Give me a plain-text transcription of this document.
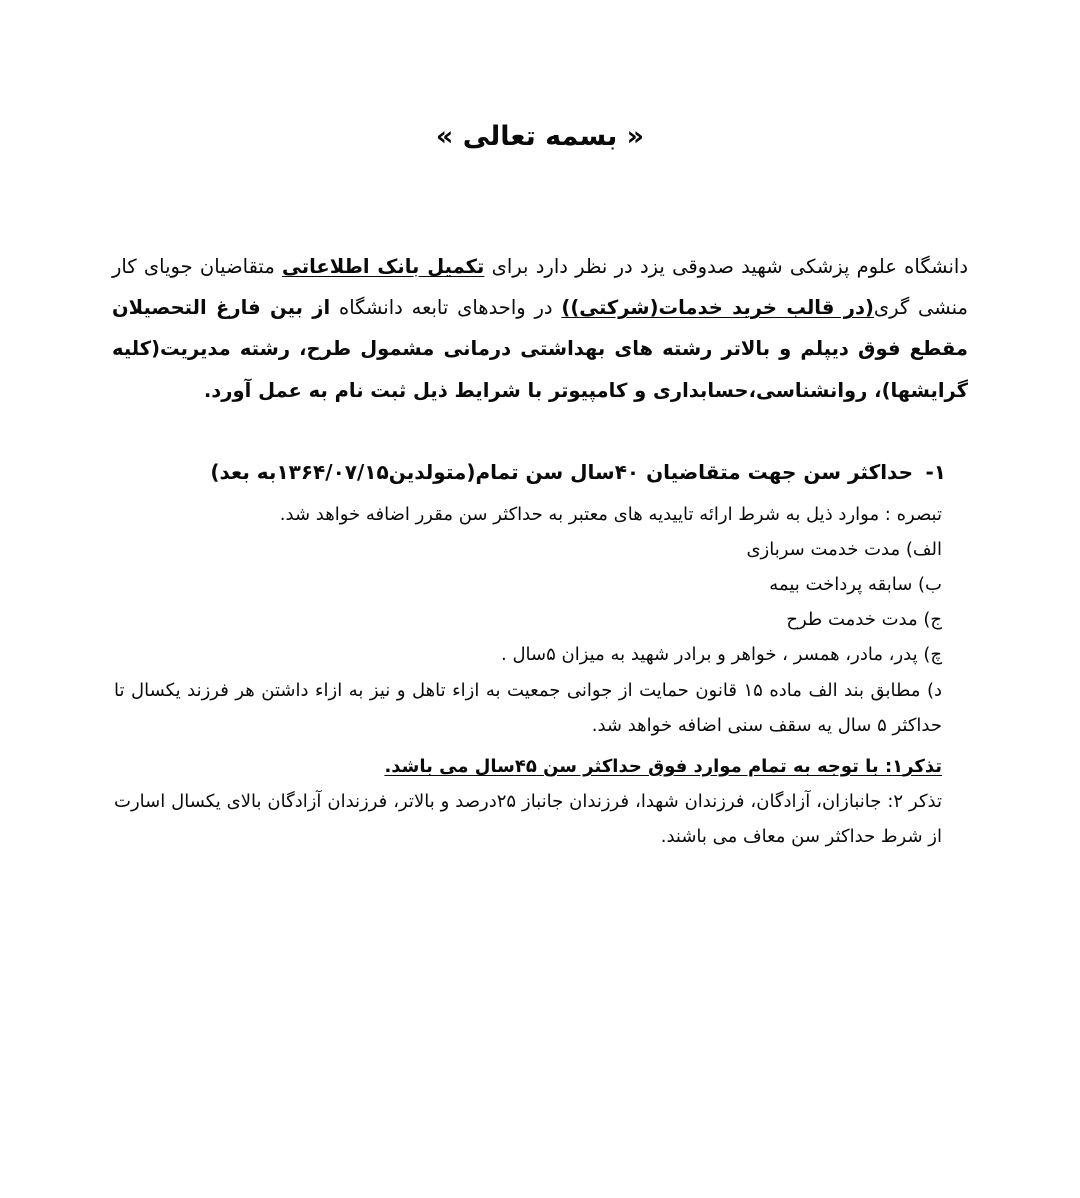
« بسمه تعالی »

دانشگاه علوم پزشکی شهید صدوقی یزد در نظر دارد برای تکمیل بانک اطلاعاتی متقاضیان جویای کار منشی گری(در قالب خرید خدمات(شرکتی)) در واحدهای تابعه دانشگاه از بین فارغ التحصیلان مقطع فوق دیپلم و بالاتر رشته های بهداشتی درمانی مشمول طرح، رشته مدیریت(کلیه گرایشها)، روانشناسی،حسابداری و کامپیوتر با شرایط ذیل ثبت نام به عمل آورد.

۱- حداکثر سن جهت متقاضیان ۴۰سال سن تمام(متولدین۱۳۶۴/۰۷/۱۵به بعد)
تبصره : موارد ذیل به شرط ارائه تاییدیه های معتبر به حداکثر سن مقرر اضافه خواهد شد.
الف) مدت خدمت سربازی
ب) سابقه پرداخت بیمه
ج) مدت خدمت طرح
چ) پدر، مادر، همسر ، خواهر و برادر شهید به میزان ۵سال .
د) مطابق بند الف ماده ۱۵ قانون حمایت از جوانی جمعیت به ازاء تاهل و نیز به ازاء داشتن هر فرزند یکسال تا حداکثر ۵ سال یه سقف سنی اضافه خواهد شد.
تذکر۱: با توجه به تمام موارد فوق حداکثر سن ۴۵سال می باشد.
تذکر ۲: جانبازان، آزادگان، فرزندان شهدا، فرزندان جانباز ۲۵درصد و بالاتر، فرزندان آزادگان بالای یکسال اسارت از شرط حداکثر سن معاف می باشند.
